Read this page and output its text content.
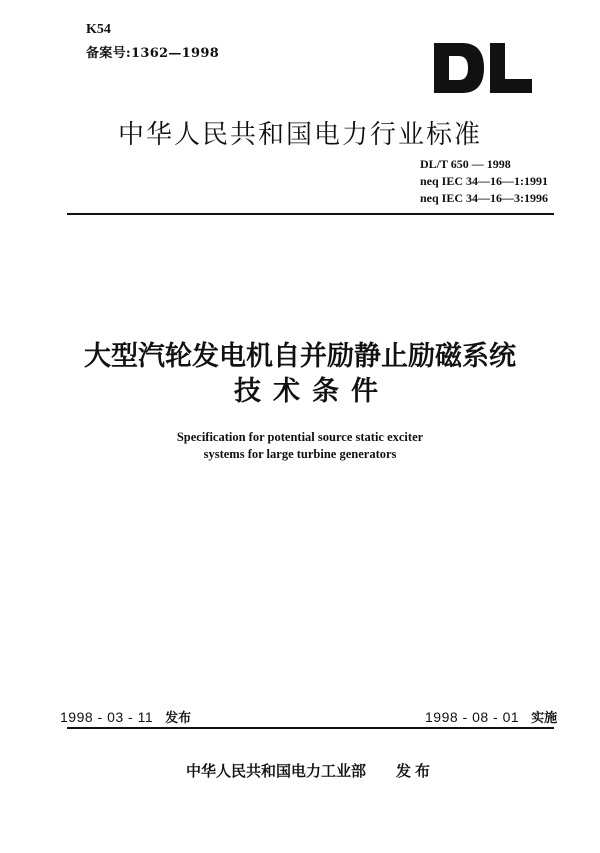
K54
备案号:1362—1998
中华人民共和国电力行业标准
DL/T 650 — 1998
neq IEC 34—16—1:1991
neq IEC 34—16—3:1996
大型汽轮发电机自并励静止励磁系统
技术条件
Specification for potential source static exciter
systems for large turbine generators
1998 - 03 - 11 发布	1998 - 08 - 01 实施
中华人民共和国电力工业部 发布
